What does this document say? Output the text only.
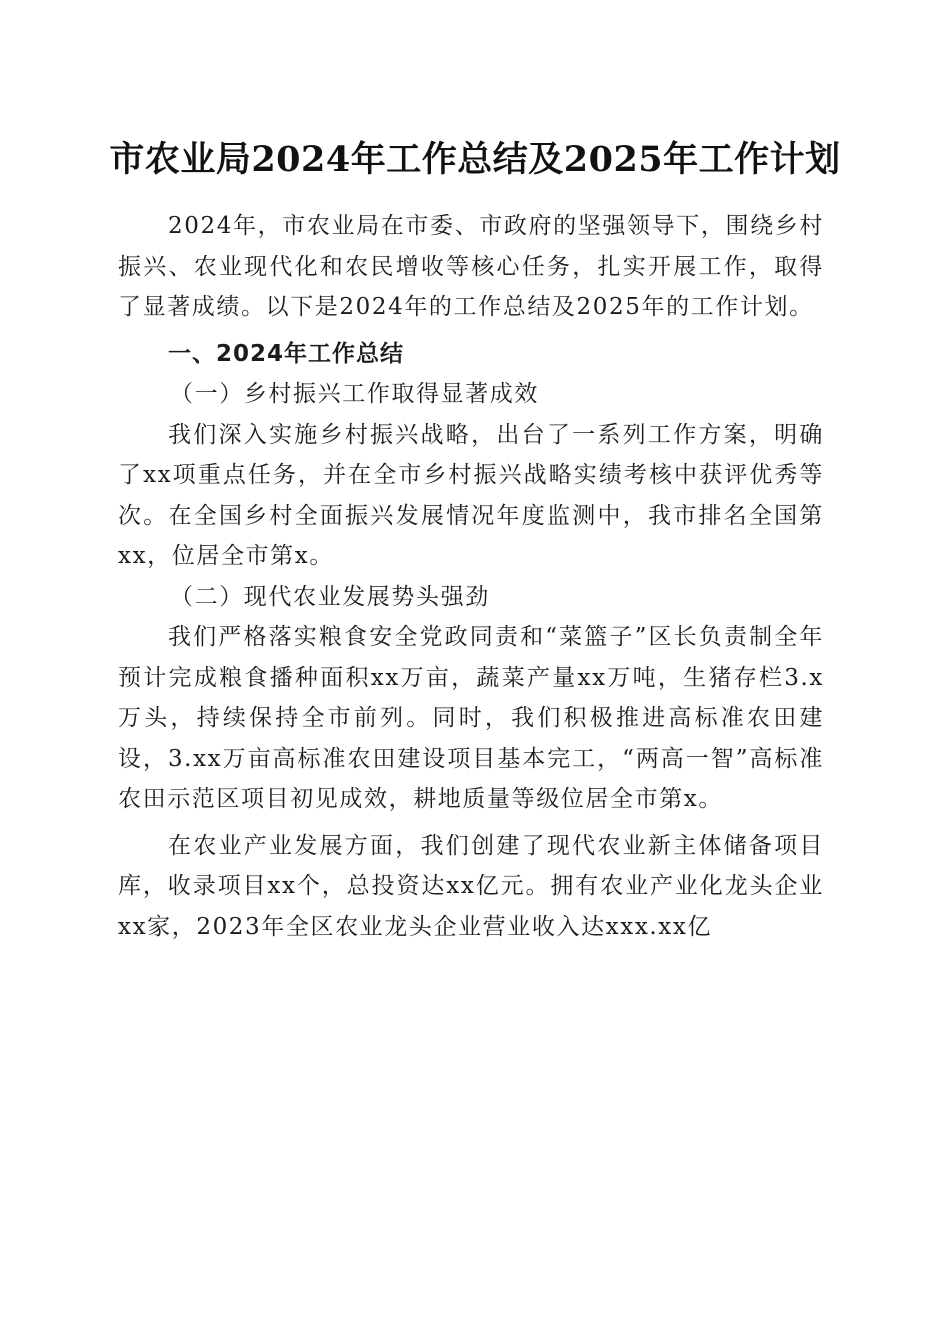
市农业局2024年工作总结及2025年工作计划

2024年，市农业局在市委、市政府的坚强领导下，围绕乡村振兴、农业现代化和农民增收等核心任务，扎实开展工作，取得了显著成绩。以下是2024年的工作总结及2025年的工作计划。

一、2024年工作总结

（一）乡村振兴工作取得显著成效

我们深入实施乡村振兴战略，出台了一系列工作方案，明确了xx项重点任务，并在全市乡村振兴战略实绩考核中获评优秀等次。在全国乡村全面振兴发展情况年度监测中，我市排名全国第xx，位居全市第x。

（二）现代农业发展势头强劲

我们严格落实粮食安全党政同责和“菜篮子”区长负责制全年预计完成粮食播种面积xx万亩，蔬菜产量xx万吨，生猪存栏3.x万头，持续保持全市前列。同时，我们积极推进高标准农田建设，3.xx万亩高标准农田建设项目基本完工，“两高一智”高标准农田示范区项目初见成效，耕地质量等级位居全市第x。

在农业产业发展方面，我们创建了现代农业新主体储备项目库，收录项目xx个，总投资达xx亿元。拥有农业产业化龙头企业xx家，2023年全区农业龙头企业营业收入达xxx.xx亿
